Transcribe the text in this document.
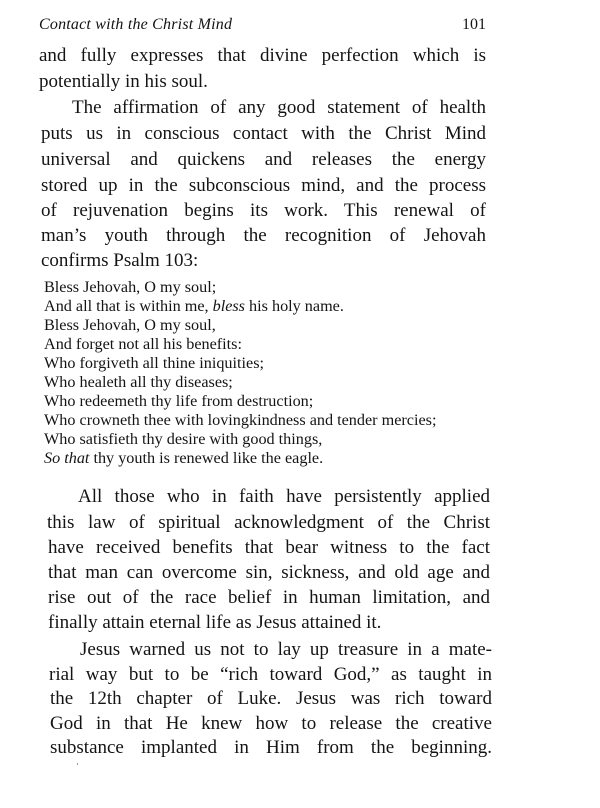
Contact with the Christ Mind	101
and fully expresses that divine perfection which is
potentially in his soul.
The affirmation of any good statement of health
puts us in conscious contact with the Christ Mind
universal and quickens and releases the energy
stored up in the subconscious mind, and the process
of rejuvenation begins its work. This renewal of
man’s youth through the recognition of Jehovah
confirms Psalm 103:
Bless Jehovah, O my soul;
And all that is within me, bless his holy name.
Bless Jehovah, O my soul,
And forget not all his benefits:
Who forgiveth all thine iniquities;
Who healeth all thy diseases;
Who redeemeth thy life from destruction;
Who crowneth thee with lovingkindness and tender mercies;
Who satisfieth thy desire with good things,
So that thy youth is renewed like the eagle.
All those who in faith have persistently applied
this law of spiritual acknowledgment of the Christ
have received benefits that bear witness to the fact
that man can overcome sin, sickness, and old age and
rise out of the race belief in human limitation, and
finally attain eternal life as Jesus attained it.
Jesus warned us not to lay up treasure in a mate-
rial way but to be “rich toward God,” as taught in
the 12th chapter of Luke. Jesus was rich toward
God in that He knew how to release the creative
substance implanted in Him from the beginning.
